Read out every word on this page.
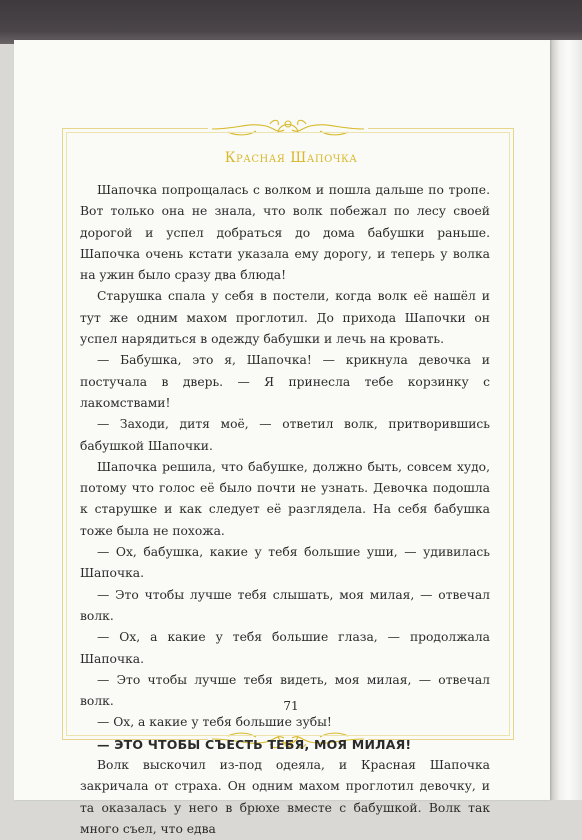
Красная Шапочка

Шапочка попрощалась с волком и пошла дальше по тропе. Вот только она не знала, что волк побежал по лесу своей дорогой и успел добраться до дома бабушки раньше. Шапочка очень кстати указала ему дорогу, и теперь у волка на ужин было сразу два блюда!

Старушка спала у себя в постели, когда волк её нашёл и тут же одним махом проглотил. До прихода Шапочки он успел нарядиться в одежду бабушки и лечь на кровать.

— Бабушка, это я, Шапочка! — крикнула девочка и постучала в дверь. — Я принесла тебе корзинку с лакомствами!

— Заходи, дитя моё, — ответил волк, притворившись бабушкой Шапочки.

Шапочка решила, что бабушке, должно быть, совсем худо, потому что голос её было почти не узнать. Девочка подошла к старушке и как следует её разглядела. На себя бабушка тоже была не похожа.

— Ох, бабушка, какие у тебя большие уши, — удивилась Шапочка.

— Это чтобы лучше тебя слышать, моя милая, — отвечал волк.

— Ох, а какие у тебя большие глаза, — продолжала Шапочка.

— Это чтобы лучше тебя видеть, моя милая, — отвечал волк.

— Ох, а какие у тебя большие зубы!

— ЭТО ЧТОБЫ СЪЕСТЬ ТЕБЯ, МОЯ МИЛАЯ!

Волк выскочил из-под одеяла, и Красная Шапочка закричала от страха. Он одним махом проглотил девочку, и та оказалась у него в брюхе вместе с бабушкой. Волк так много съел, что едва

71
